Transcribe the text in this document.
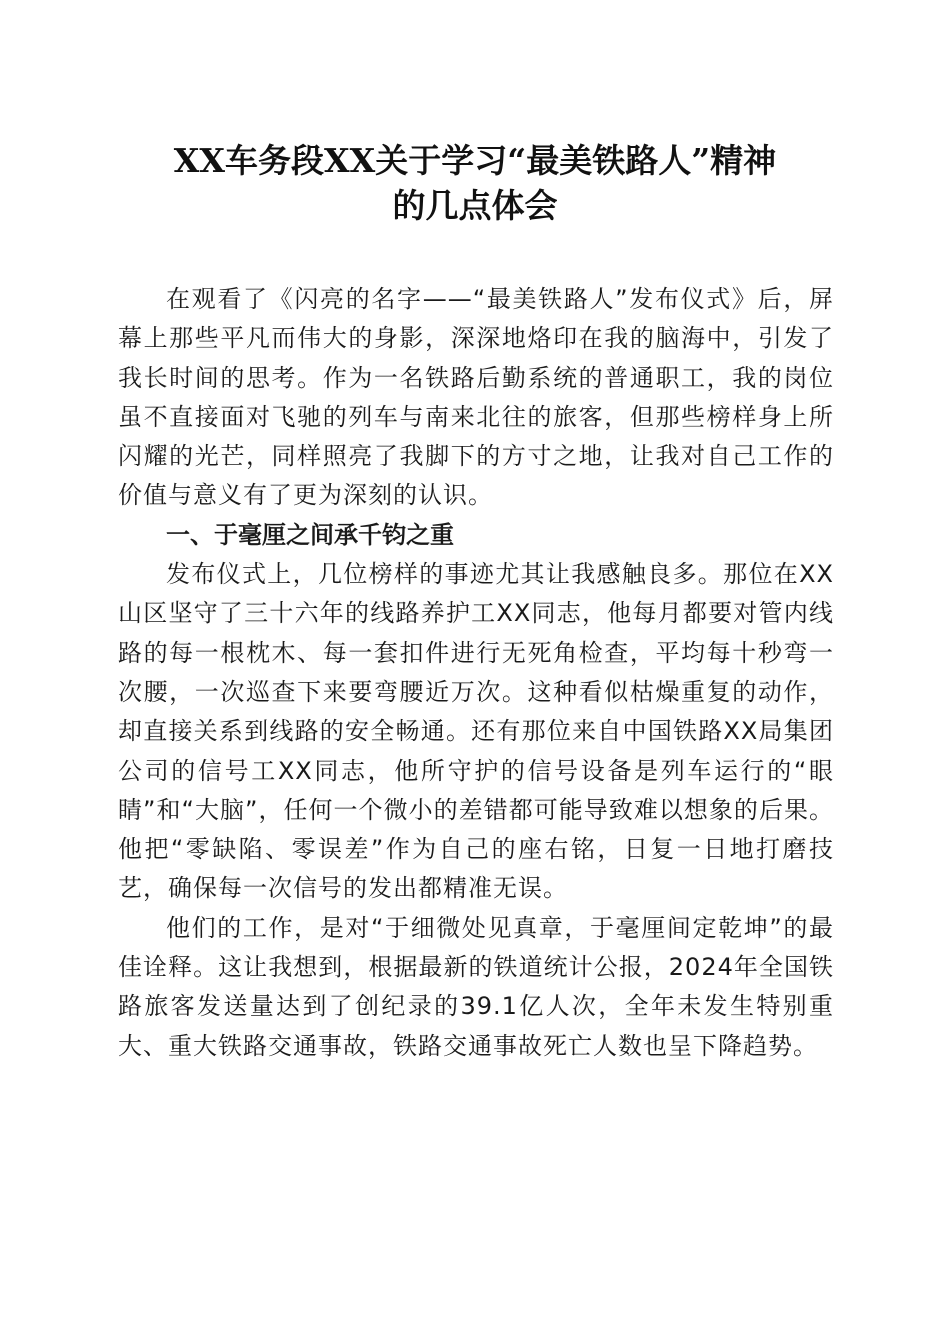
XX车务段XX关于学习“最美铁路人”精神
的几点体会

在观看了《闪亮的名字——“最美铁路人”发布仪式》后，屏幕上那些平凡而伟大的身影，深深地烙印在我的脑海中，引发了我长时间的思考。作为一名铁路后勤系统的普通职工，我的岗位虽不直接面对飞驰的列车与南来北往的旅客，但那些榜样身上所闪耀的光芒，同样照亮了我脚下的方寸之地，让我对自己工作的价值与意义有了更为深刻的认识。

一、于毫厘之间承千钧之重

发布仪式上，几位榜样的事迹尤其让我感触良多。那位在XX山区坚守了三十六年的线路养护工XX同志，他每月都要对管内线路的每一根枕木、每一套扣件进行无死角检查，平均每十秒弯一次腰，一次巡查下来要弯腰近万次。这种看似枯燥重复的动作，却直接关系到线路的安全畅通。还有那位来自中国铁路XX局集团公司的信号工XX同志，他所守护的信号设备是列车运行的“眼睛”和“大脑”，任何一个微小的差错都可能导致难以想象的后果。他把“零缺陷、零误差”作为自己的座右铭，日复一日地打磨技艺，确保每一次信号的发出都精准无误。

他们的工作，是对“于细微处见真章，于毫厘间定乾坤”的最佳诠释。这让我想到，根据最新的铁道统计公报，2024年全国铁路旅客发送量达到了创纪录的39.1亿人次，全年未发生特别重大、重大铁路交通事故，铁路交通事故死亡人数也呈下降趋势。
